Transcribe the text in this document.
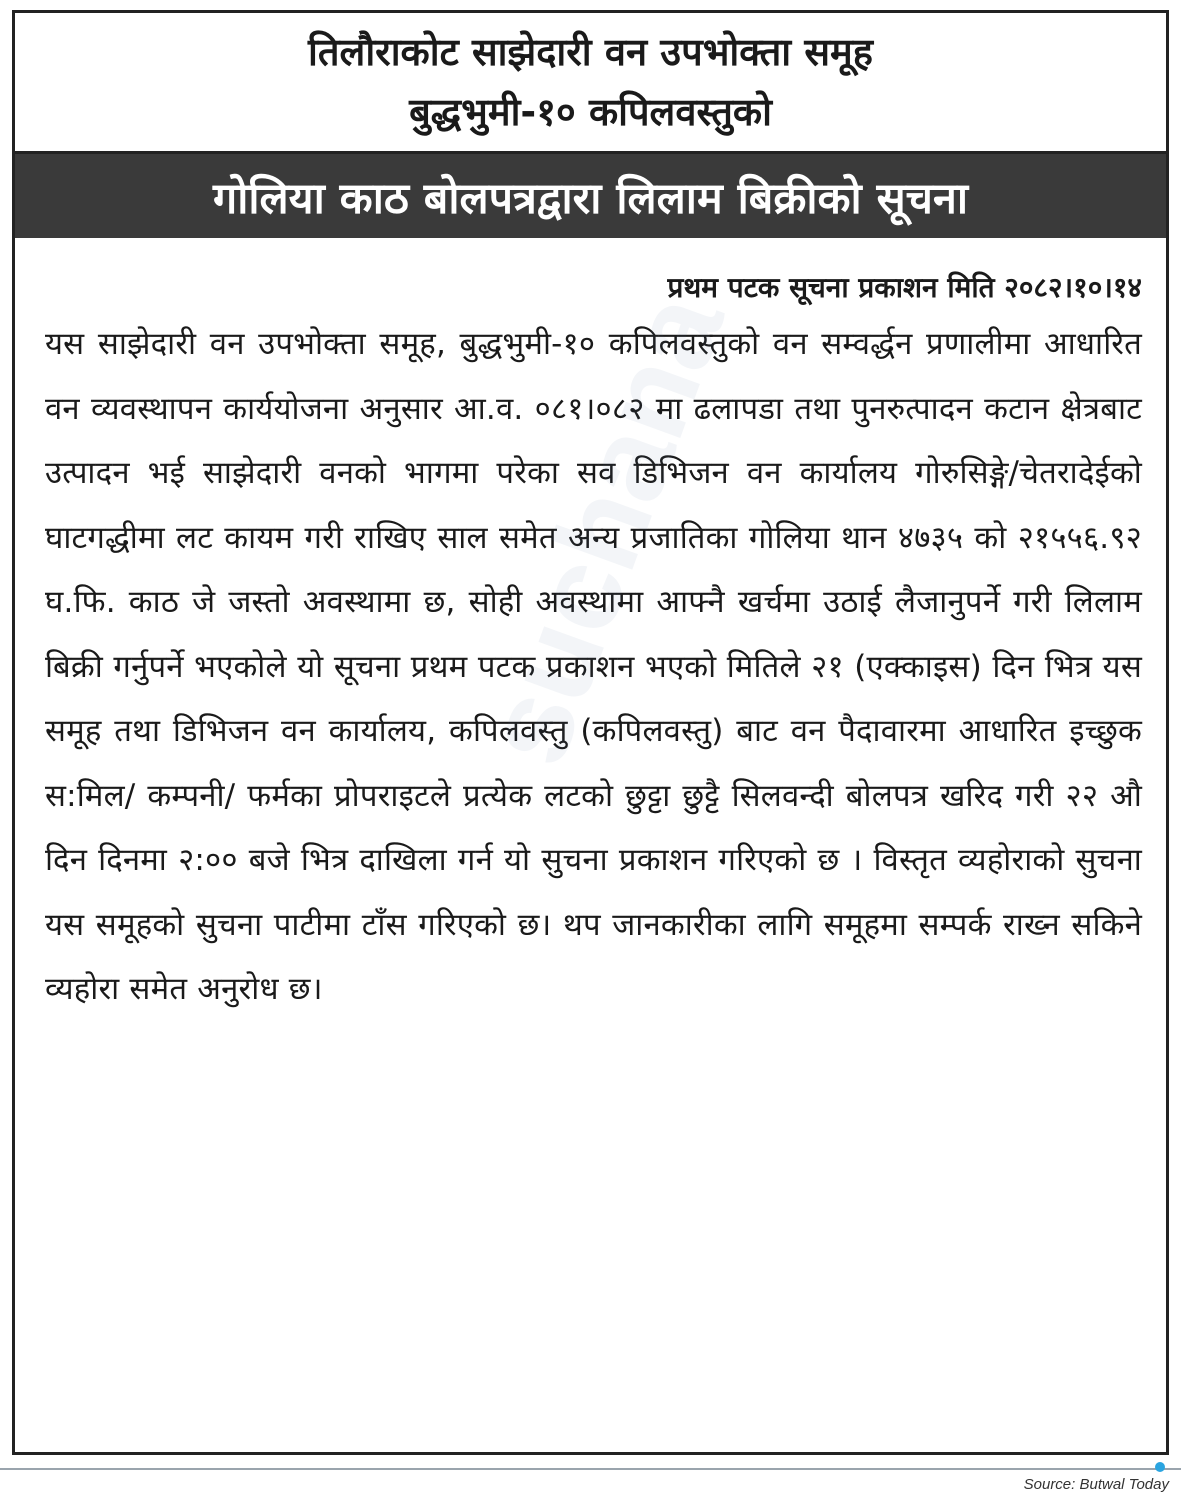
तिलौराकोट साझेदारी वन उपभोक्ता समूह
बुद्धभुमी-१० कपिलवस्तुको
गोलिया काठ बोलपत्रद्वारा लिलाम बिक्रीको सूचना
प्रथम पटक सूचना प्रकाशन मिति २०८२।१०।१४
यस साझेदारी वन उपभोक्ता समूह, बुद्धभुमी-१० कपिलवस्तुको वन सम्वर्द्धन प्रणालीमा आधारित वन व्यवस्थापन कार्ययोजना अनुसार आ.व. ०८१।०८२ मा ढलापडा तथा पुनरुत्पादन कटान क्षेत्रबाट उत्पादन भई साझेदारी वनको भागमा परेका सव डिभिजन वन कार्यालय गोरुसिङ्गे/चेतरादेईको घाटगद्धीमा लट कायम गरी राखिए साल समेत अन्य प्रजातिका गोलिया थान ४७३५ को २१५५६.९२ घ.फि. काठ जे जस्तो अवस्थामा छ, सोही अवस्थामा आफ्नै खर्चमा उठाई लैजानुपर्ने गरी लिलाम बिक्री गर्नुपर्ने भएकोले यो सूचना प्रथम पटक प्रकाशन भएको मितिले २१ (एक्काइस) दिन भित्र यस समूह तथा डिभिजन वन कार्यालय, कपिलवस्तु (कपिलवस्तु) बाट वन पैदावारमा आधारित इच्छुक स:मिल/ कम्पनी/ फर्मका प्रोपराइटले प्रत्येक लटको छुट्टा छुट्टै सिलवन्दी बोलपत्र खरिद गरी २२ औ दिन दिनमा २:०० बजे भित्र दाखिला गर्न यो सुचना प्रकाशन गरिएको छ । विस्तृत व्यहोराको सुचना यस समूहको सुचना पाटीमा टाँस गरिएको छ। थप जानकारीका लागि समूहमा सम्पर्क राख्न सकिने व्यहोरा समेत अनुरोध छ।
Source: Butwal Today
